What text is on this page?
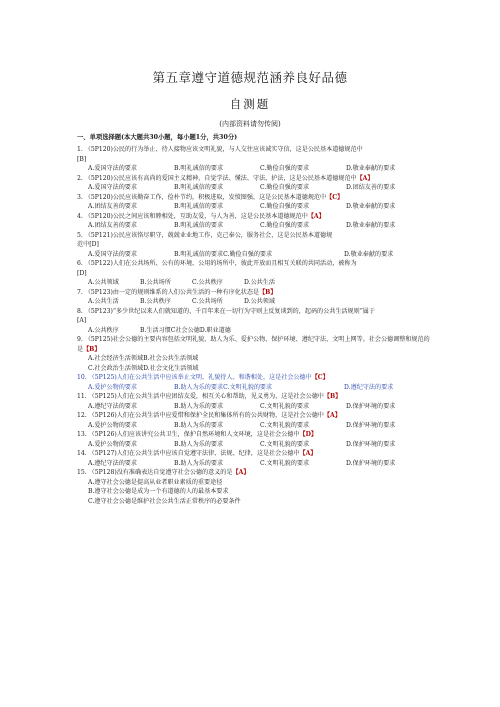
第五章遵守道德规范涵养良好品德
自测题
(内部资料请勿传阅)
一、单项选择题(本大题共30小题，每小题1分，共30分)

1. （5P120)公民的行为举止、待人接物应该文明礼貌，与人交往应该诚实守信，这是公民基本道德规范中

[B]

A.爱国守法的要求	B.明礼诚信的要求	C.勤俭自强的要求	D.敬业奉献的要求

2. （5P120)公民应该有高尚的爱国主义精神，自觉学法、懂法、守法、护法，这是公民基本道德规范中【A】

A.爱国守法的要求	B.明礼诚信的要求	C.勤俭自强的要求	D.团结友善的要求

3. （5P120)公民应该勤奋工作，俭朴节约，积极进取，发愤图强，这是公民基本道德规范中【C】

A.团结友善的要求	B.明礼诚信的要求	C.勤俭自强的要求	D.敬业奉献的要求

4. （5P120)公民之间应该和睦相处，互助友爱，与人为善，这是公民基本道德规范中【A】

A.团结友善的要求	B.明礼诚信的要求	C.勤俭自强的要求	D.敬业奉献的要求

5. （5P121)公民应该恪尽职守，兢兢业业地工作，克己奉公，服务社会，这是公民基本道德规

范中[D]

A.爱国守法的要求	B.明礼诚信的要求C.勤俭自强的要求	D.敬业奉献的要求

6. （5P122)人们在公共场所、公有的环境、公用的场所中，彼此开放而且相互关联的共同活动，被称为

[D]

A.公共领域	B.公共场所	C.公共秩序	D.公共生活

7. （5P123)由一定的规则维系的人们公共生活的一种有序化状态是【B】

A.公共生活	B.公共秩序	C.公共场所	D.公共领域

8. （5P123)“多少世纪以来人们就知道的，千百年来在一切行为守则上反复谈到的，起码的公共生活规则”属于

[A]

A.公共秩序	B.生活习惯C社会公德D.职业道德

9. （5P125)社会公德的主要内容包括文明礼貌、助人为乐、爱护公物、保护环境、遵纪守法、文明上网等。社会公德调整和规范的是【B】

A.社会经济生活领域B.社会公共生活领域

C.社会政治生活领域D.社会文化生活领域

10. （5P125)人们在公共生活中应该举止文明、礼貌待人、和谐相处，这是社会公德中【C】

A.爱护公物的要求	B.助人为乐的要求C.文明礼貌的要求	D.遵纪守法的要求

11. （5P125)人们在公共生活中应团结友爱，相互关心和帮助，见义勇为，这是社会公德中【B】

A.遵纪守法的要求	B.助人为乐的要求	C.文明礼貌的要求	D.保护环境的要求

12. （5P126)人们在公共生活中应爱惜和保护全民和集体所有的公共财物，这是社会公德中【A】

A.爱护公物的要求	B.助人为乐的要求	C.文明礼貌的要求	D.保护环境的要求

13. （5P126)人们应该讲究公共卫生，保护自然环境和人文环境，这是社会公德中【D】

A.爱护公物的要求	B.助人为乐的要求	C.文明礼貌的要求	D.保护环境的要求

14. （5P127)人们在公共生活中应该自觉遵守法律、法规、纪律，这是社会公德中【A】

A.遵纪守法的要求	B.助人为乐的要求	C.文明礼貌的要求	D.保护环境的要求

15. （5P128)没有准确表达自觉遵守社会公德的意义的是【A】

A.遵守社会公德是提高从业者职业素质的重要途径

B.遵守社会公德是成为一个有道德的人的最基本要求

C.遵守社会公德是维护社会公共生活正常秩序的必要条件
